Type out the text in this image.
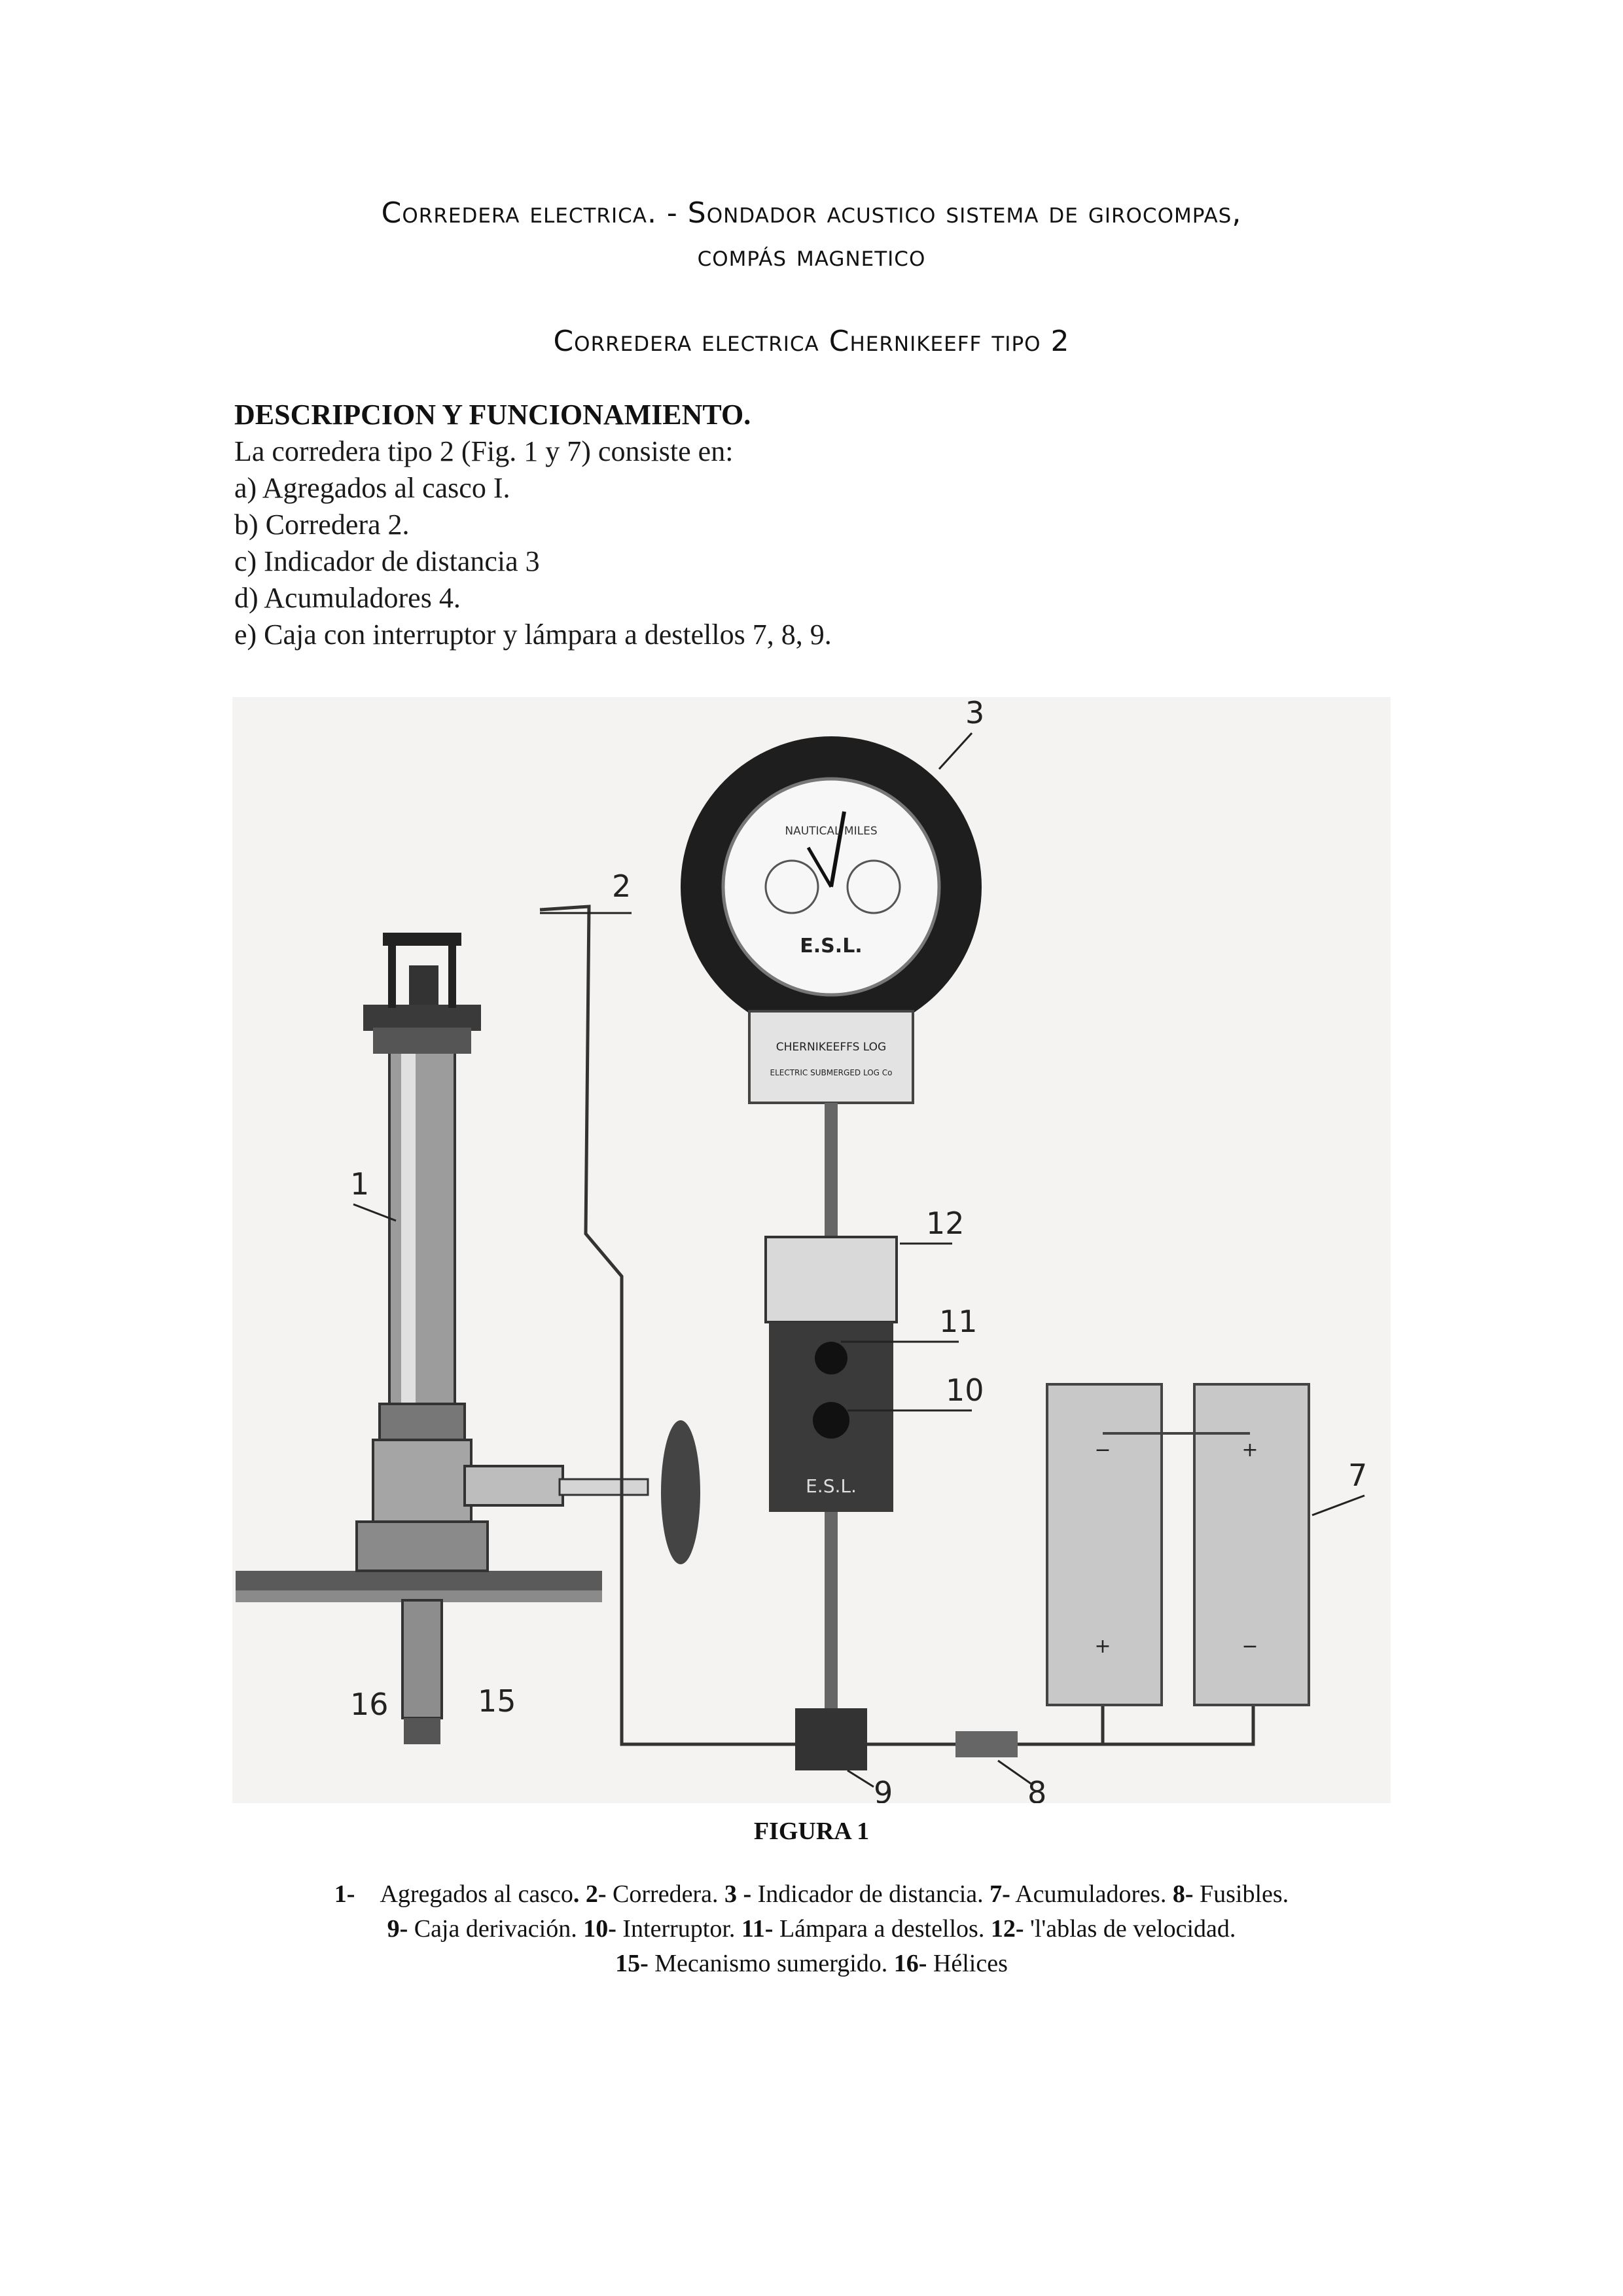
Corredera electrica. - Sondador acustico sistema de girocompas,
compás magnetico
Corredera electrica Chernikeeff tipo 2
DESCRIPCION Y FUNCIONAMIENTO.
La corredera tipo 2 (Fig. 1 y 7) consiste en:
a) Agregados al casco I.
b) Corredera 2.
c) Indicador de distancia 3
d) Acumuladores 4.
e) Caja con interruptor y lámpara a destellos 7, 8, 9.
NAUTICAL MILES
E.S.L.
CHERNIKEEFFS LOG
ELECTRIC SUBMERGED LOG Co
E.S.L.
−	+
+	−
1
2
3
12
11
10
7
8
9
16	15
FIGURA 1
1- Agregados al casco. 2- Corredera. 3 - Indicador de distancia. 7- Acumuladores. 8- Fusibles.
9- Caja derivación. 10- Interruptor. 11- Lámpara a destellos. 12- 'l'ablas de velocidad.
15- Mecanismo sumergido. 16- Hélices
